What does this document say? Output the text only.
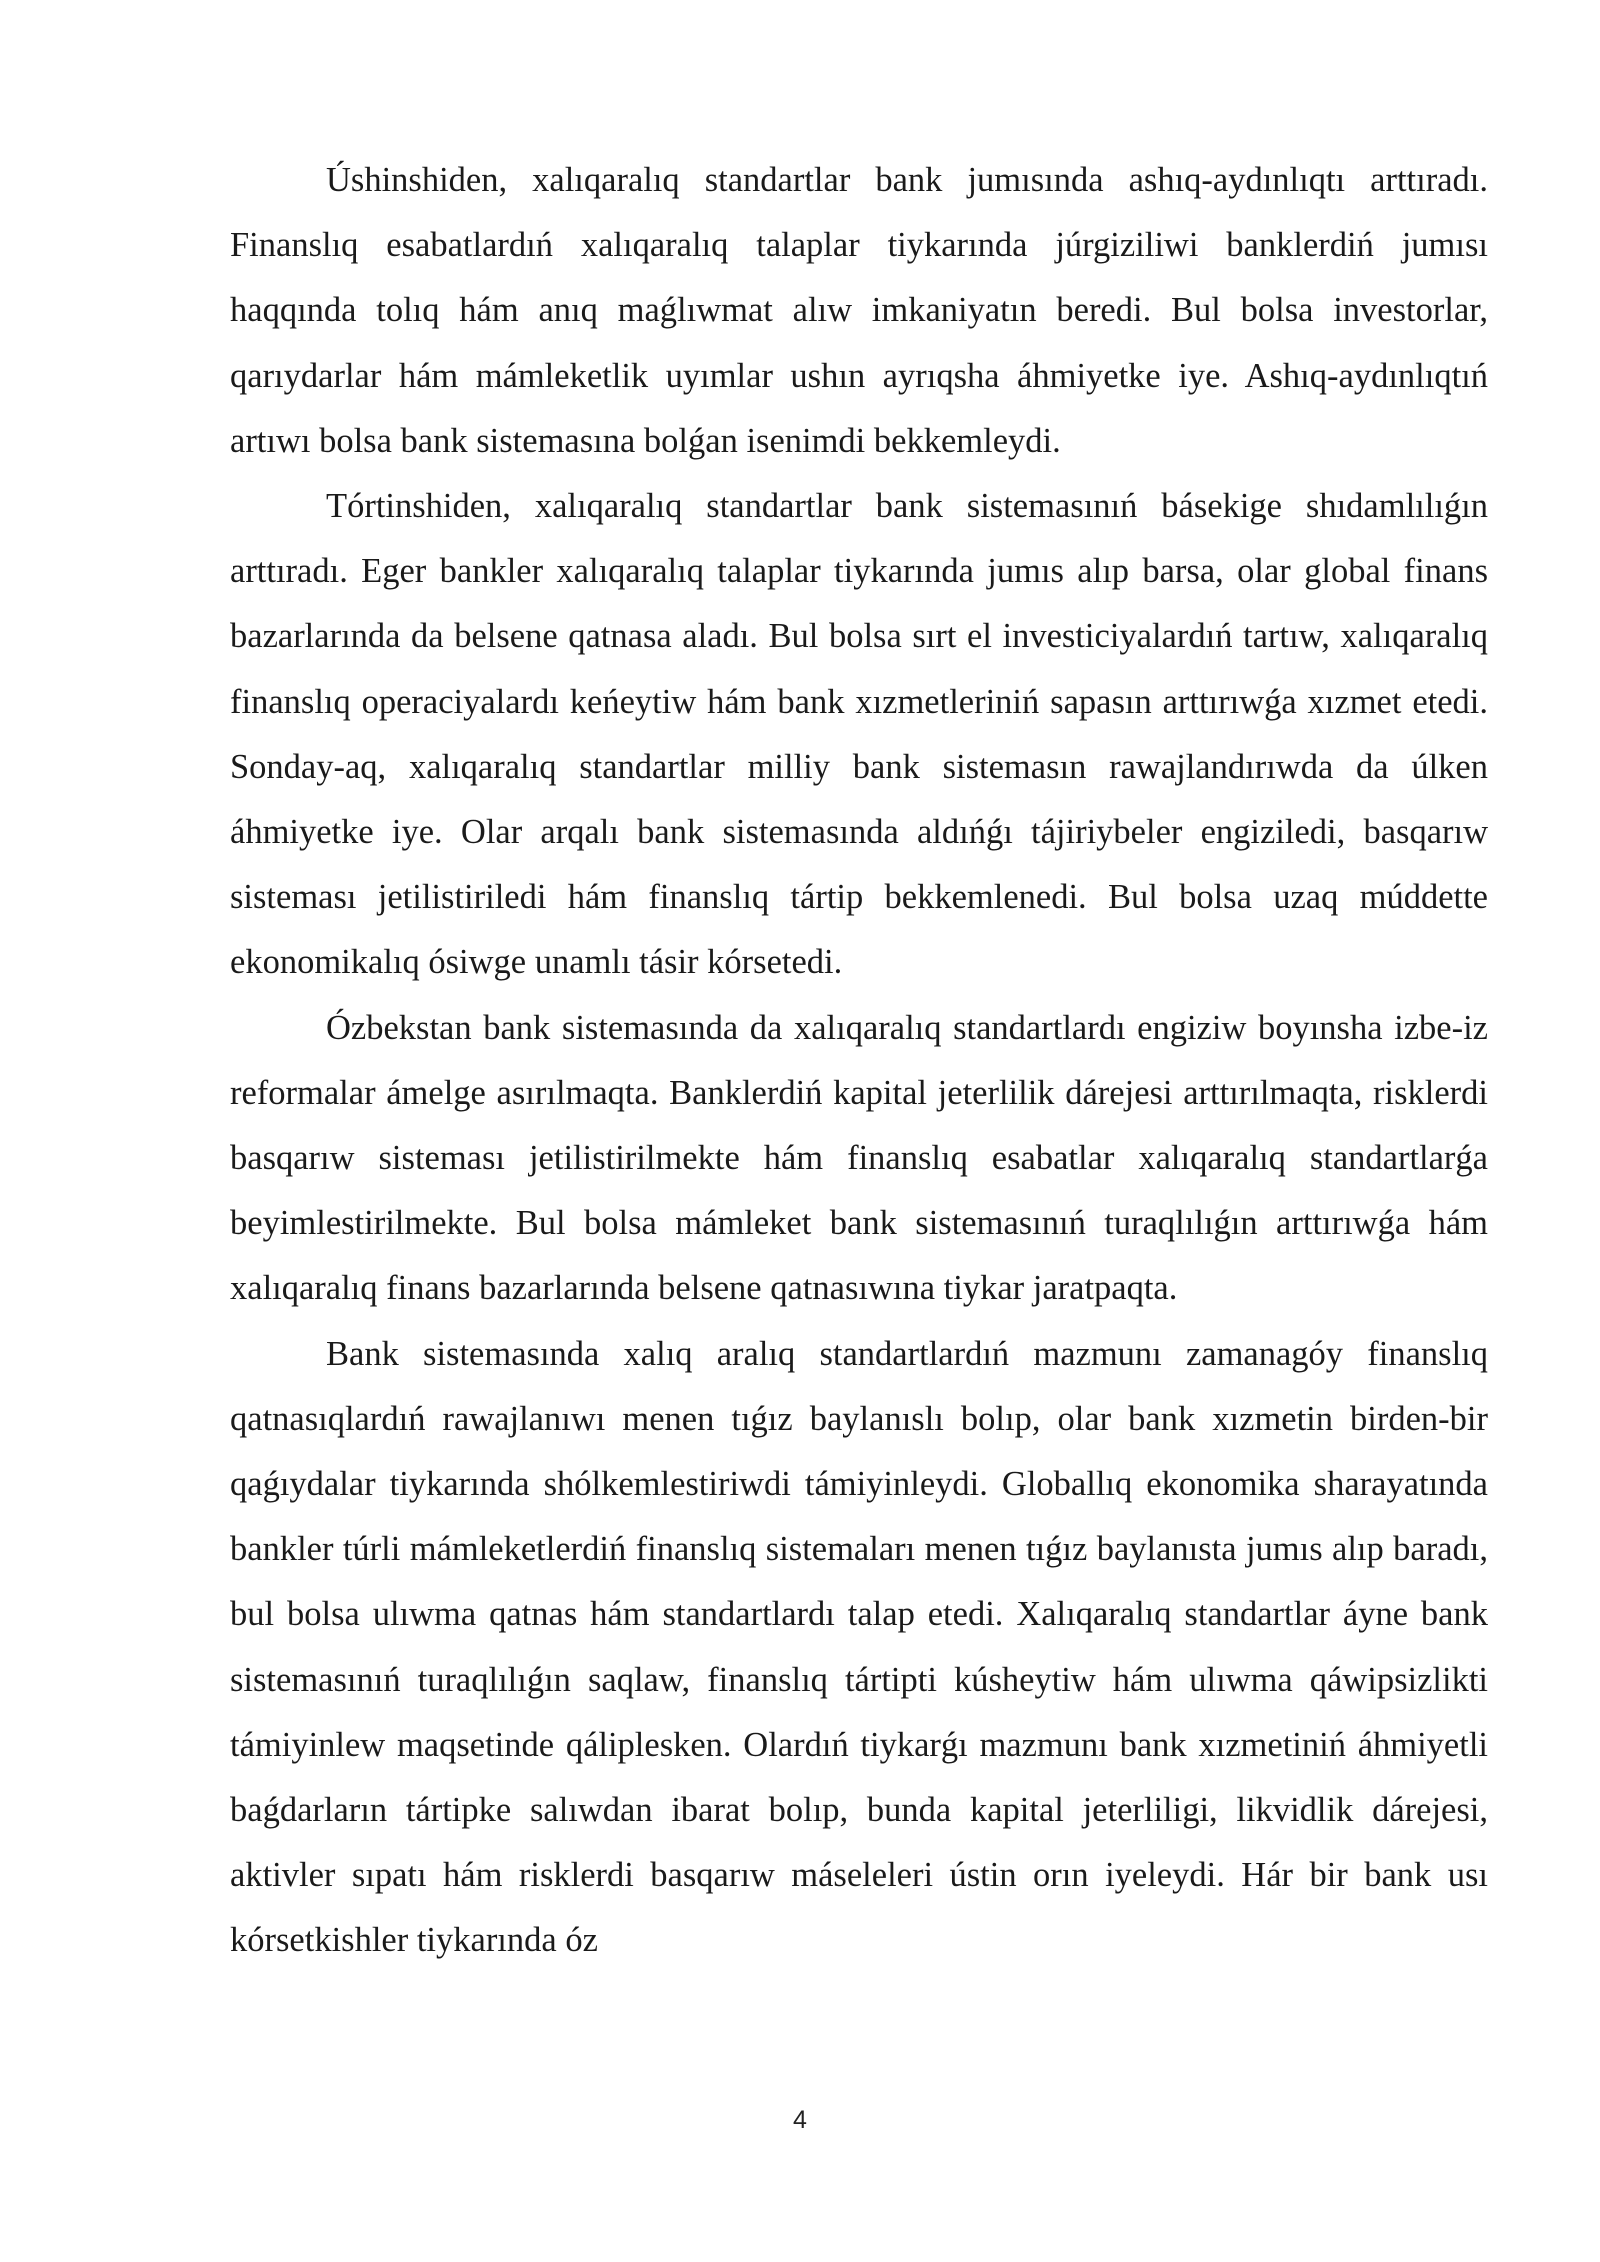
Úshinshiden, xalıqaralıq standartlar bank jumısında ashıq-aydınlıqtı arttıradı. Finanslıq esabatlardıń xalıqaralıq talaplar tiykarında júrgiziliwi banklerdiń jumısı haqqında tolıq hám anıq maǵlıwmat alıw imkaniyatın beredi. Bul bolsa investorlar, qarıydarlar hám mámleketlik uyımlar ushın ayrıqsha áhmiyetke iye. Ashıq-aydınlıqtıń artıwı bolsa bank sistemasına bolǵan isenimdi bekkemleydi.

Tórtinshiden, xalıqaralıq standartlar bank sistemasınıń básekige shıdamlılıǵın arttıradı. Eger bankler xalıqaralıq talaplar tiykarında jumıs alıp barsa, olar global finans bazarlarında da belsene qatnasa aladı. Bul bolsa sırt el investiciyalardıń tartıw, xalıqaralıq finanslıq operaciyalardı keńeytiw hám bank xızmetleriniń sapasın arttırıwǵa xızmet etedi. Sonday-aq, xalıqaralıq standartlar milliy bank sistemasın rawajlandırıwda da úlken áhmiyetke iye. Olar arqalı bank sistemasında aldıńǵı tájiriybeler engiziledi, basqarıw sisteması jetilistiriledi hám finanslıq tártip bekkemlenedi. Bul bolsa uzaq múddette ekonomikalıq ósiwge unamlı tásir kórsetedi.

Ózbekstan bank sistemasında da xalıqaralıq standartlardı engiziw boyınsha izbe-iz reformalar ámelge asırılmaqta. Banklerdiń kapital jeterlilik dárejesi arttırılmaqta, risklerdi basqarıw sisteması jetilistirilmekte hám finanslıq esabatlar xalıqaralıq standartlarǵa beyimlestirilmekte. Bul bolsa mámleket bank sistemasınıń turaqlılıǵın arttırıwǵa hám xalıqaralıq finans bazarlarında belsene qatnasıwına tiykar jaratpaqta.

Bank sistemasında xalıq aralıq standartlardıń mazmunı zamanagóy finanslıq qatnasıqlardıń rawajlanıwı menen tıǵız baylanıslı bolıp, olar bank xızmetin birden-bir qaǵıydalar tiykarında shólkemlestiriwdi támiyinleydi. Globallıq ekonomika sharayatında bankler túrli mámleketlerdiń finanslıq sistemaları menen tıǵız baylanısta jumıs alıp baradı, bul bolsa ulıwma qatnas hám standartlardı talap etedi. Xalıqaralıq standartlar áyne bank sistemasınıń turaqlılıǵın saqlaw, finanslıq tártipti kúsheytiw hám ulıwma qáwipsizlikti támiyinlew maqsetinde qáliplesken. Olardıń tiykarǵı mazmunı bank xızmetiniń áhmiyetli baǵdarların tártipke salıwdan ibarat bolıp, bunda kapital jeterliligi, likvidlik dárejesi, aktivler sıpatı hám risklerdi basqarıw máseleleri ústin orın iyeleydi. Hár bir bank usı kórsetkishler tiykarında óz

4
